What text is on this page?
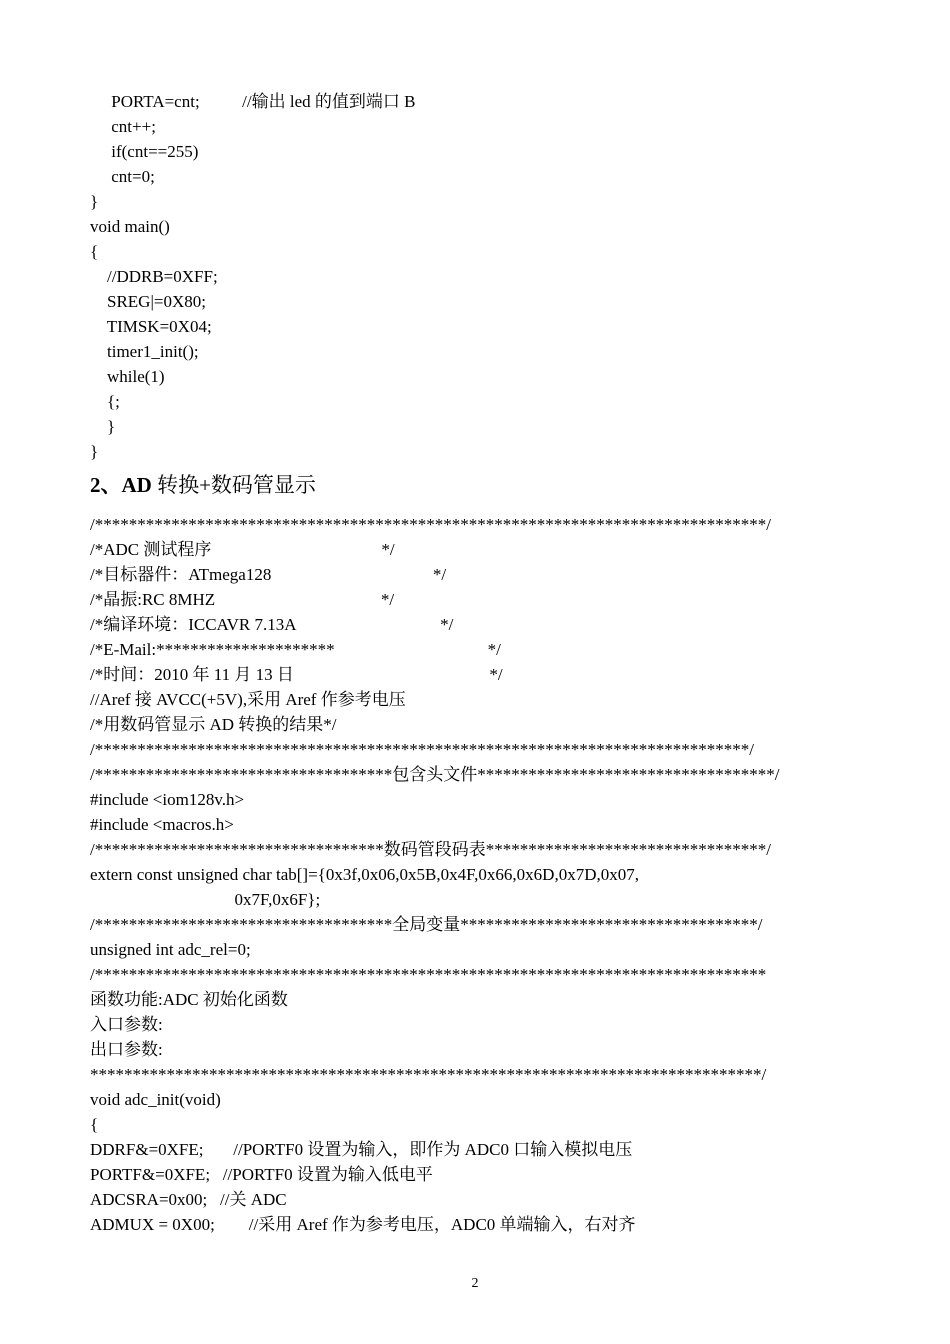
PORTA=cnt;          //输出 led 的值到端口 B
cnt++;
if(cnt==255)
cnt=0;
}
void main()
{
//DDRB=0XFF;
SREG|=0X80;
TIMSK=0X04;
timer1_init();
while(1)
{;
}
}
2、AD 转换+数码管显示
/*******************************************************************************/
/*ADC 测试程序                                        */
/*目标器件：ATmega128                                      */
/*晶振:RC 8MHZ                                       */
/*编译环境：ICCAVR 7.13A                                  */
/*E-Mail:*********************                                    */
/*时间：2010 年 11 月 13 日                                              */
//Aref 接 AVCC(+5V),采用 Aref 作参考电压
/*用数码管显示 AD 转换的结果*/
/*****************************************************************************/
/***********************************包含头文件***********************************/
#include <iom128v.h>
#include <macros.h>
/**********************************数码管段码表*********************************/
extern const unsigned char tab[]={0x3f,0x06,0x5B,0x4F,0x66,0x6D,0x7D,0x07,
0x7F,0x6F};
/***********************************全局变量***********************************/
unsigned int adc_rel=0;
/*******************************************************************************
函数功能:ADC 初始化函数
入口参数:
出口参数:
*******************************************************************************/
void adc_init(void)
{
DDRF&=0XFE;       //PORTF0 设置为输入，即作为 ADC0 口输入模拟电压
PORTF&=0XFE;   //PORTF0 设置为输入低电平
ADCSRA=0x00;   //关 ADC
ADMUX = 0X00;        //采用 Aref 作为参考电压，ADC0 单端输入，右对齐
2
